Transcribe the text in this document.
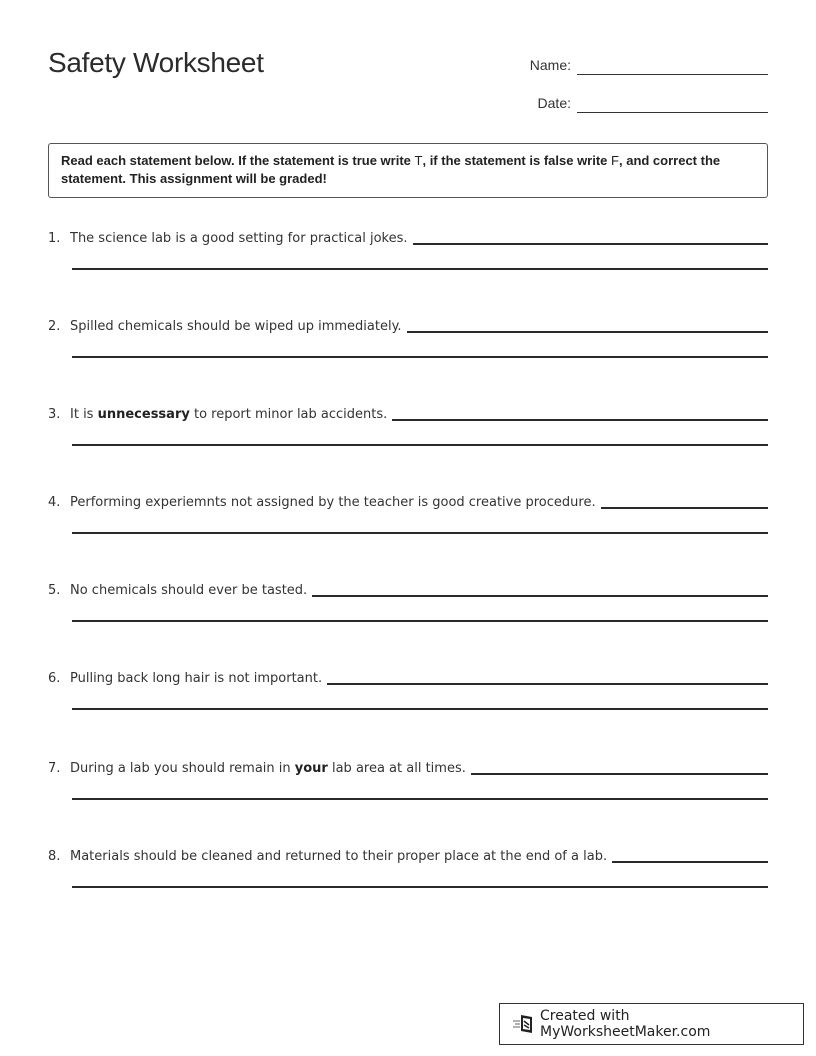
Safety Worksheet	Name:
Date:
Read each statement below. If the statement is true write T, if the statement is false write F, and correct the statement. This assignment will be graded!
1. The science lab is a good setting for practical jokes.
2. Spilled chemicals should be wiped up immediately.
3. It is unnecessary to report minor lab accidents.
4. Performing experiemnts not assigned by the teacher is good creative procedure.
5. No chemicals should ever be tasted.
6. Pulling back long hair is not important.
7. During a lab you should remain in your lab area at all times.
8. Materials should be cleaned and returned to their proper place at the end of a lab.
Created with MyWorksheetMaker.com
